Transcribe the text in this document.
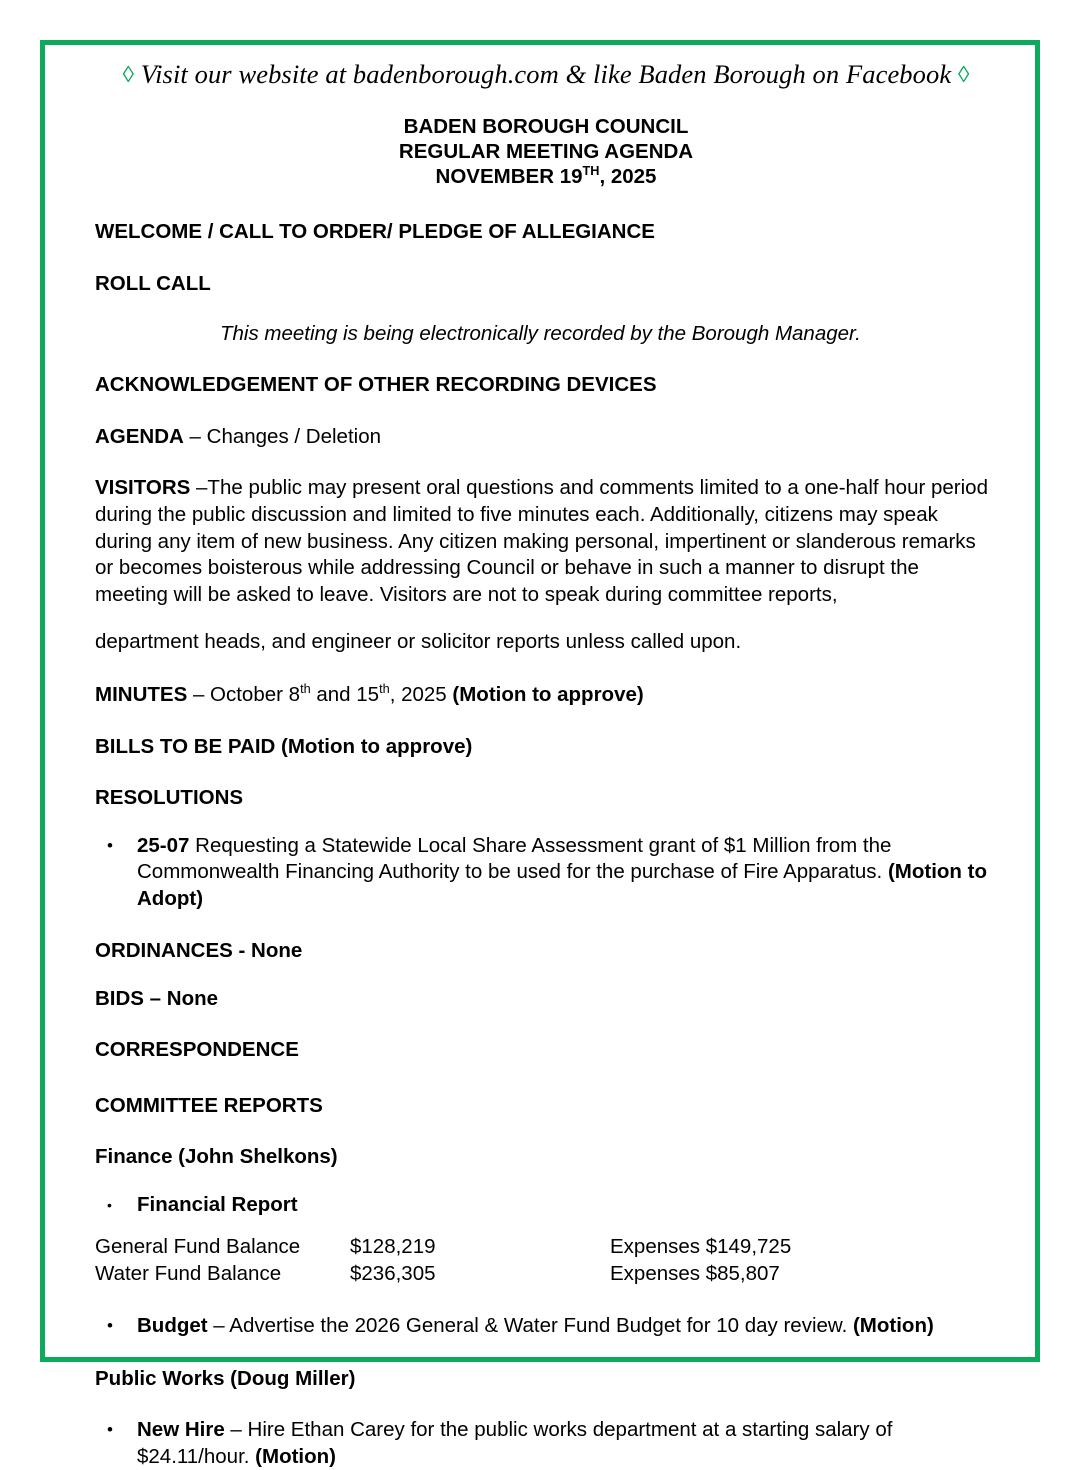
◊ Visit our website at badenborough.com & like Baden Borough on Facebook ◊
BADEN BOROUGH COUNCIL
REGULAR MEETING AGENDA
NOVEMBER 19TH, 2025

WELCOME / CALL TO ORDER/ PLEDGE OF ALLEGIANCE

ROLL CALL

This meeting is being electronically recorded by the Borough Manager.

ACKNOWLEDGEMENT OF OTHER RECORDING DEVICES

AGENDA – Changes / Deletion

VISITORS –The public may present oral questions and comments limited to a one-half hour period during the public discussion and limited to five minutes each. Additionally, citizens may speak during any item of new business. Any citizen making personal, impertinent or slanderous remarks or becomes boisterous while addressing Council or behave in such a manner to disrupt the meeting will be asked to leave. Visitors are not to speak during committee reports,

department heads, and engineer or solicitor reports unless called upon.

MINUTES – October 8th and 15th, 2025 (Motion to approve)

BILLS TO BE PAID (Motion to approve)

RESOLUTIONS

• 25-07 Requesting a Statewide Local Share Assessment grant of $1 Million from the Commonwealth Financing Authority to be used for the purchase of Fire Apparatus. (Motion to Adopt)

ORDINANCES - None

BIDS – None

CORRESPONDENCE

COMMITTEE REPORTS

Finance (John Shelkons)

• Financial Report
General Fund Balance	$128,219	Expenses $149,725
Water Fund Balance	$236,305	Expenses $85,807
• Budget – Advertise the 2026 General & Water Fund Budget for 10 day review. (Motion)

Public Works (Doug Miller)

• New Hire – Hire Ethan Carey for the public works department at a starting salary of $24.11/hour. (Motion)
